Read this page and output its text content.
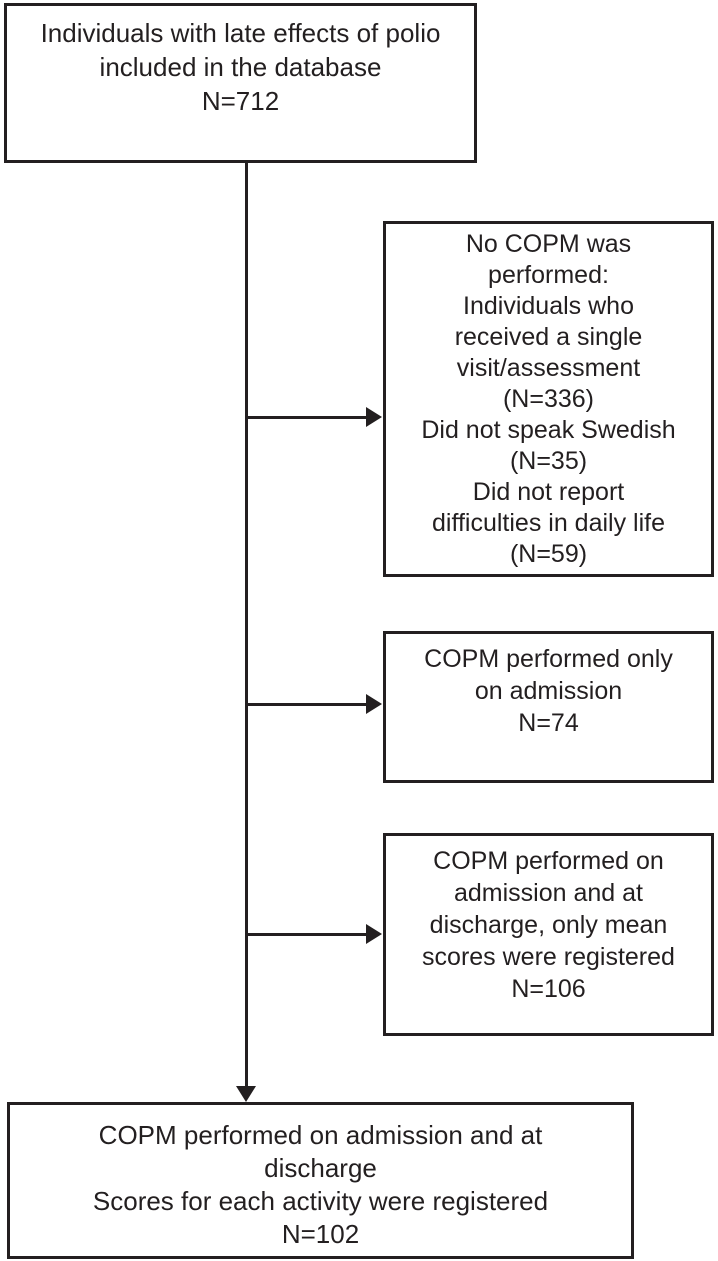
Individuals with late effects of polio
included in the database
N=712
No COPM was
performed:
Individuals who
received a single
visit/assessment
(N=336)
Did not speak Swedish
(N=35)
Did not report
difficulties in daily life
(N=59)
COPM performed only
on admission
N=74
COPM performed on
admission and at
discharge, only mean
scores were registered
N=106
COPM performed on admission and at
discharge
Scores for each activity were registered
N=102
